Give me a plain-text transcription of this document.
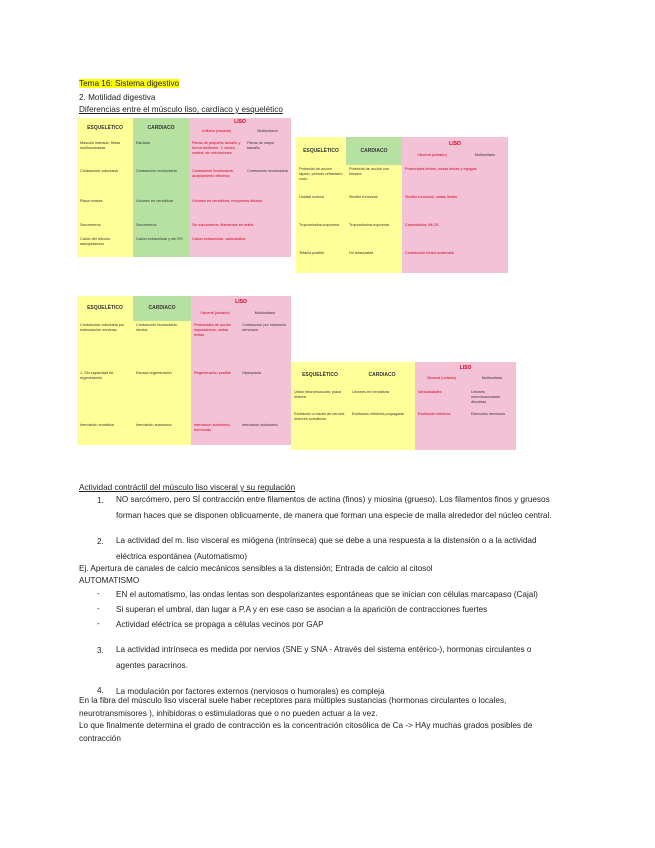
Tema 16: Sistema digestivo
2. Motilidad digestiva
Diferencias entre el músculo liso, cardíaco y esquelético
ESQUELÉTICO	CARDIACO	LISO	
		Unitario (visceral)	Multiunitario
Músculo estriado, fibras multinucleadas	Estriado	Fibras de pequeño tamaño y forma fusiforme, 1 núcleo central, sin estriaciones	Fibras de mayor tamaño
Contracción voluntaria	Contracción involuntaria	Contracción involuntaria, acoplamiento eléctrico	Contracción involuntaria
Placa motora	Uniones en hendidura	Uniones en hendidura, receptores difusos	
Sarcómeros	Sarcómeros	Sin sarcómeros, filamentos en malla	
Calcio del retículo sarcoplásmico	Calcio extracelular y del RS	Calcio extracelular, calmodulina	
ESQUELÉTICO	CARDIACO	LISO	
		Visceral (unitario)	Multiunitario
Potencial de acción rápido, periodo refractario corto	Potencial de acción con meseta	Potenciales lentos, ondas lentas y espigas	
Unidad motora	Sincitio funcional	Sincitio funcional, ondas lentas	
Tropomiosina-troponina	Tropomiosina-troponina	Calmodulina, MLCK	
Tetania posible	No tetanizable	Contracción tónica sostenida	
ESQUELÉTICO	CARDIACO	LISO	
		Visceral (unitario)	Multiunitario
Contracción voluntaria por estimulación nerviosa	Contracción involuntaria rítmica	Potenciales de acción espontáneos, ondas lentas	Contracción por estímulos nerviosos
1. Sin capacidad de regeneración	Escasa regeneración	Regeneración posible	Hiperplasia
Inervación somática	Inervación autónoma	Inervación autónoma, hormonas	Inervación autónoma
ESQUELÉTICO	CARDIACO	LISO	
		Visceral (unitario)	Multiunitario
Unión neuromuscular, placa motora	Uniones en hendidura	Varicosidades	Uniones neuromusculares discretas
Excitación a través de nervios motores somáticos	Excitación eléctrica propagada	Excitación eléctrica	Estímulos nerviosos
Actividad contráctil del músculo liso visceral y su regulación
1. NO sarcómero, pero SÍ contracción entre filamentos de actina (finos) y miosina (grueso). Los filamentos finos y gruesos
forman haces que se disponen oblicuamente, de manera que forman una especie de malla alrededor del núcleo central.
2. La actividad del m. liso visceral es miógena (intrínseca) que se debe a una respuesta a la distensión o a la actividad
eléctrica espontánea (Automatismo)
Ej. Apertura de canales de calcio mecánicos sensibles a la distensión; Entrada de calcio al citosol
AUTOMATISMO
- EN el automatismo, las ondas lentas son despolarizantes espontáneas que se inician con células marcapaso (Cajal)
- Si superan el umbral, dan lugar a P.A y en ese caso se asocian a la aparición de contracciones fuertes
- Actividad eléctrica se propaga a células vecinos por GAP
3. La actividad intrínseca es medida por nervios (SNE y SNA - Através del sistema entérico-), hormonas circulantes o
agentes paracrinos.
4. La modulación por factores externos (nerviosos o humorales) es compleja
En la fibra del músculo liso visceral suele haber receptores para múltiples sustancias (hormonas circulantes o locales,
neurotransmisores ), inhibidoras o estimuladoras que o no pueden actuar a la vez.
Lo que finalmente determina el grado de contracción es la concentración citosólica de Ca -> HAy muchas grados posibles de
contracción
